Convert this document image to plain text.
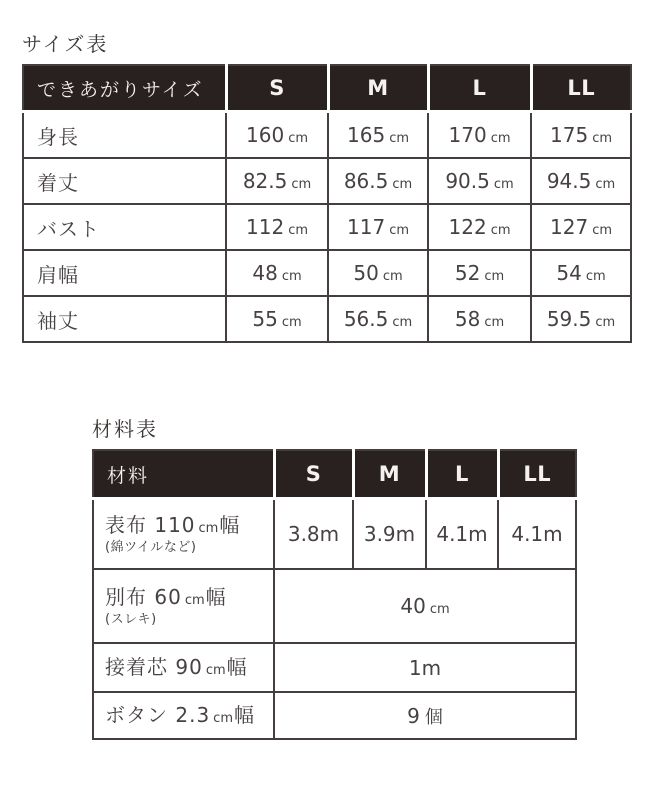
サイズ表
できあがりサイズ	S	M	L	LL
身長	160 cm	165 cm	170 cm	175 cm
着丈	82.5 cm	86.5 cm	90.5 cm	94.5 cm
バスト	112 cm	117 cm	122 cm	127 cm
肩幅	48 cm	50 cm	52 cm	54 cm
袖丈	55 cm	56.5 cm	58 cm	59.5 cm
材料表
材料	S	M	L	LL

表布 110 cm幅
(綿ツイルなど)	3.8m	3.9m	4.1m	4.1m

別布 60 cm幅
(スレキ)	40 cm			

接着芯 90 cm幅	1m			

ボタン 2.3 cm幅	9 個			
